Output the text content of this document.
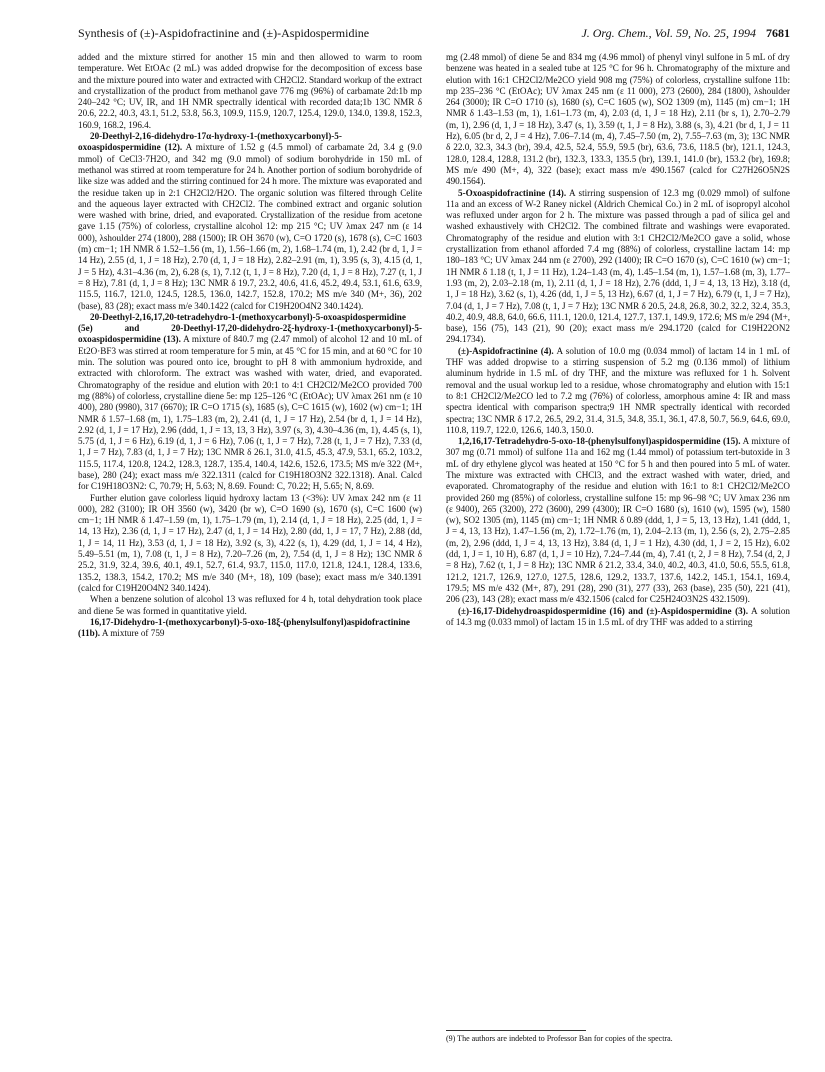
Synthesis of (±)-Aspidofractinine and (±)-Aspidospermidine	J. Org. Chem., Vol. 59, No. 25, 1994 7681

added and the mixture stirred for another 15 min and then allowed to warm to room temperature. Wet EtOAc (2 mL) was added dropwise for the decomposition of excess base and the mixture poured into water and extracted with CH2Cl2. Standard workup of the extract and crystallization of the product from methanol gave 776 mg (96%) of carbamate 2d:1b mp 240–242 °C; UV, IR, and 1H NMR spectrally identical with recorded data;1b 13C NMR δ 20.6, 22.2, 40.3, 43.1, 51.2, 53.8, 56.3, 109.9, 115.9, 120.7, 125.4, 129.0, 134.0, 139.8, 152.3, 160.9, 168.2, 196.4.

20-Deethyl-2,16-didehydro-17α-hydroxy-1-(methoxycarbonyl)-5-oxoaspidospermidine (12). A mixture of 1.52 g (4.5 mmol) of carbamate 2d, 3.4 g (9.0 mmol) of CeCl3·7H2O, and 342 mg (9.0 mmol) of sodium borohydride in 150 mL of methanol was stirred at room temperature for 24 h. Another portion of sodium borohydride of like size was added and the stirring continued for 24 h more. The mixture was evaporated and the residue taken up in 2:1 CH2Cl2/H2O. The organic solution was filtered through Celite and the aqueous layer extracted with CH2Cl2. The combined extract and organic solution were washed with brine, dried, and evaporated. Crystallization of the residue from acetone gave 1.15 (75%) of colorless, crystalline alcohol 12: mp 215 °C; UV λmax 247 nm (ε 14 000), λshoulder 274 (1800), 288 (1500); IR OH 3670 (w), C=O 1720 (s), 1678 (s), C=C 1603 (m) cm−1; 1H NMR δ 1.52–1.56 (m, 1), 1.56–1.66 (m, 2), 1.68–1.74 (m, 1), 2.42 (br d, 1, J = 14 Hz), 2.55 (d, 1, J = 18 Hz), 2.70 (d, 1, J = 18 Hz), 2.82–2.91 (m, 1), 3.95 (s, 3), 4.15 (d, 1, J = 5 Hz), 4.31–4.36 (m, 2), 6.28 (s, 1), 7.12 (t, 1, J = 8 Hz), 7.20 (d, 1, J = 8 Hz), 7.27 (t, 1, J = 8 Hz), 7.81 (d, 1, J = 8 Hz); 13C NMR δ 19.7, 23.2, 40.6, 41.6, 45.2, 49.4, 53.1, 61.6, 63.9, 115.5, 116.7, 121.0, 124.5, 128.5, 136.0, 142.7, 152.8, 170.2; MS m/e 340 (M+, 36), 202 (base), 83 (28); exact mass m/e 340.1422 (calcd for C19H20O4N2 340.1424).

20-Deethyl-2,16,17,20-tetradehydro-1-(methoxycarbonyl)-5-oxoaspidospermidine (5e) and 20-Deethyl-17,20-didehydro-2ξ-hydroxy-1-(methoxycarbonyl)-5-oxoaspidospermidine (13). A mixture of 840.7 mg (2.47 mmol) of alcohol 12 and 10 mL of Et2O·BF3 was stirred at room temperature for 5 min, at 45 °C for 15 min, and at 60 °C for 10 min. The solution was poured onto ice, brought to pH 8 with ammonium hydroxide, and extracted with chloroform. The extract was washed with water, dried, and evaporated. Chromatography of the residue and elution with 20:1 to 4:1 CH2Cl2/Me2CO provided 700 mg (88%) of colorless, crystalline diene 5e: mp 125–126 °C (EtOAc); UV λmax 261 nm (ε 10 400), 280 (9980), 317 (6670); IR C=O 1715 (s), 1685 (s), C=C 1615 (w), 1602 (w) cm−1; 1H NMR δ 1.57–1.68 (m, 1), 1.75–1.83 (m, 2), 2.41 (d, 1, J = 17 Hz), 2.54 (br d, 1, J = 14 Hz), 2.92 (d, 1, J = 17 Hz), 2.96 (ddd, 1, J = 13, 13, 3 Hz), 3.97 (s, 3), 4.30–4.36 (m, 1), 4.45 (s, 1), 5.75 (d, 1, J = 6 Hz), 6.19 (d, 1, J = 6 Hz), 7.06 (t, 1, J = 7 Hz), 7.28 (t, 1, J = 7 Hz), 7.33 (d, 1, J = 7 Hz), 7.83 (d, 1, J = 7 Hz); 13C NMR δ 26.1, 31.0, 41.5, 45.3, 47.9, 53.1, 65.2, 103.2, 115.5, 117.4, 120.8, 124.2, 128.3, 128.7, 135.4, 140.4, 142.6, 152.6, 173.5; MS m/e 322 (M+, base), 280 (24); exact mass m/e 322.1311 (calcd for C19H18O3N2 322.1318). Anal. Calcd for C19H18O3N2: C, 70.79; H, 5.63; N, 8.69. Found: C, 70.22; H, 5.65; N, 8.69.

Further elution gave colorless liquid hydroxy lactam 13 (<3%): UV λmax 242 nm (ε 11 000), 282 (3100); IR OH 3560 (w), 3420 (br w), C=O 1690 (s), 1670 (s), C=C 1600 (w) cm−1; 1H NMR δ 1.47–1.59 (m, 1), 1.75–1.79 (m, 1), 2.14 (d, 1, J = 18 Hz), 2.25 (dd, 1, J = 14, 13 Hz), 2.36 (d, 1, J = 17 Hz), 2.47 (d, 1, J = 14 Hz), 2.80 (dd, 1, J = 17, 7 Hz), 2.88 (dd, 1, J = 14, 11 Hz), 3.53 (d, 1, J = 18 Hz), 3.92 (s, 3), 4.22 (s, 1), 4.29 (dd, 1, J = 14, 4 Hz), 5.49–5.51 (m, 1), 7.08 (t, 1, J = 8 Hz), 7.20–7.26 (m, 2), 7.54 (d, 1, J = 8 Hz); 13C NMR δ 25.2, 31.9, 32.4, 39.6, 40.1, 49.1, 52.7, 61.4, 93.7, 115.0, 117.0, 121.8, 124.1, 128.4, 133.6, 135.2, 138.3, 154.2, 170.2; MS m/e 340 (M+, 18), 109 (base); exact mass m/e 340.1391 (calcd for C19H20O4N2 340.1424).

When a benzene solution of alcohol 13 was refluxed for 4 h, total dehydration took place and diene 5e was formed in quantitative yield.

16,17-Didehydro-1-(methoxycarbonyl)-5-oxo-18ξ-(phenylsulfonyl)aspidofractinine (11b). A mixture of 759

mg (2.48 mmol) of diene 5e and 834 mg (4.96 mmol) of phenyl vinyl sulfone in 5 mL of dry benzene was heated in a sealed tube at 125 °C for 96 h. Chromatography of the mixture and elution with 16:1 CH2Cl2/Me2CO yield 908 mg (75%) of colorless, crystalline sulfone 11b: mp 235–236 °C (EtOAc); UV λmax 245 nm (ε 11 000), 273 (2600), 284 (1800), λshoulder 264 (3000); IR C=O 1710 (s), 1680 (s), C=C 1605 (w), SO2 1309 (m), 1145 (m) cm−1; 1H NMR δ 1.43–1.53 (m, 1), 1.61–1.73 (m, 4), 2.03 (d, 1, J = 18 Hz), 2.11 (br s, 1), 2.70–2.79 (m, 1), 2.96 (d, 1, J = 18 Hz), 3.47 (s, 1), 3.59 (t, 1, J = 8 Hz), 3.88 (s, 3), 4.21 (br d, 1, J = 11 Hz), 6.05 (br d, 2, J = 4 Hz), 7.06–7.14 (m, 4), 7.45–7.50 (m, 2), 7.55–7.63 (m, 3); 13C NMR δ 22.0, 32.3, 34.3 (br), 39.4, 42.5, 52.4, 55.9, 59.5 (br), 63.6, 73.6, 118.5 (br), 121.1, 124.3, 128.0, 128.4, 128.8, 131.2 (br), 132.3, 133.3, 135.5 (br), 139.1, 141.0 (br), 153.2 (br), 169.8; MS m/e 490 (M+, 4), 322 (base); exact mass m/e 490.1567 (calcd for C27H26O5N2S 490.1564).

5-Oxoaspidofractinine (14). A stirring suspension of 12.3 mg (0.029 mmol) of sulfone 11a and an excess of W-2 Raney nickel (Aldrich Chemical Co.) in 2 mL of isopropyl alcohol was refluxed under argon for 2 h. The mixture was passed through a pad of silica gel and washed exhaustively with CH2Cl2. The combined filtrate and washings were evaporated. Chromatography of the residue and elution with 3:1 CH2Cl2/Me2CO gave a solid, whose crystallization from ethanol afforded 7.4 mg (88%) of colorless, crystalline lactam 14: mp 180–183 °C; UV λmax 244 nm (ε 2700), 292 (1400); IR C=O 1670 (s), C=C 1610 (w) cm−1; 1H NMR δ 1.18 (t, 1, J = 11 Hz), 1.24–1.43 (m, 4), 1.45–1.54 (m, 1), 1.57–1.68 (m, 3), 1.77–1.93 (m, 2), 2.03–2.18 (m, 1), 2.11 (d, 1, J = 18 Hz), 2.76 (ddd, 1, J = 4, 13, 13 Hz), 3.18 (d, 1, J = 18 Hz), 3.62 (s, 1), 4.26 (dd, 1, J = 5, 13 Hz), 6.67 (d, 1, J = 7 Hz), 6.79 (t, 1, J = 7 Hz), 7.04 (d, 1, J = 7 Hz), 7.08 (t, 1, J = 7 Hz); 13C NMR δ 20.5, 24.8, 26.8, 30.2, 32.2, 32.4, 35.3, 40.2, 40.9, 48.8, 64.0, 66.6, 111.1, 120.0, 121.4, 127.7, 137.1, 149.9, 172.6; MS m/e 294 (M+, base), 156 (75), 143 (21), 90 (20); exact mass m/e 294.1720 (calcd for C19H22ON2 294.1734).

(±)-Aspidofractinine (4). A solution of 10.0 mg (0.034 mmol) of lactam 14 in 1 mL of THF was added dropwise to a stirring suspension of 5.2 mg (0.136 mmol) of lithium aluminum hydride in 1.5 mL of dry THF, and the mixture was refluxed for 1 h. Solvent removal and the usual workup led to a residue, whose chromatography and elution with 15:1 to 8:1 CH2Cl2/Me2CO led to 7.2 mg (76%) of colorless, amorphous amine 4: IR and mass spectra identical with comparison spectra;9 1H NMR spectrally identical with recorded spectra; 13C NMR δ 17.2, 26.5, 29.2, 31.4, 31.5, 34.8, 35.1, 36.1, 47.8, 50.7, 56.9, 64.6, 69.0, 110.8, 119.7, 122.0, 126.6, 140.3, 150.0.

1,2,16,17-Tetradehydro-5-oxo-18-(phenylsulfonyl)aspidospermidine (15). A mixture of 307 mg (0.71 mmol) of sulfone 11a and 162 mg (1.44 mmol) of potassium tert-butoxide in 3 mL of dry ethylene glycol was heated at 150 °C for 5 h and then poured into 5 mL of water. The mixture was extracted with CHCl3, and the extract washed with water, dried, and evaporated. Chromatography of the residue and elution with 16:1 to 8:1 CH2Cl2/Me2CO provided 260 mg (85%) of colorless, crystalline sulfone 15: mp 96–98 °C; UV λmax 236 nm (ε 9400), 265 (3200), 272 (3600), 299 (4300); IR C=O 1680 (s), 1610 (w), 1595 (w), 1580 (w), SO2 1305 (m), 1145 (m) cm−1; 1H NMR δ 0.89 (ddd, 1, J = 5, 13, 13 Hz), 1.41 (ddd, 1, J = 4, 13, 13 Hz), 1.47–1.56 (m, 2), 1.72–1.76 (m, 1), 2.04–2.13 (m, 1), 2.56 (s, 2), 2.75–2.85 (m, 2), 2.96 (ddd, 1, J = 4, 13, 13 Hz), 3.84 (d, 1, J = 1 Hz), 4.30 (dd, 1, J = 2, 15 Hz), 6.02 (dd, 1, J = 1, 10 H), 6.87 (d, 1, J = 10 Hz), 7.24–7.44 (m, 4), 7.41 (t, 2, J = 8 Hz), 7.54 (d, 2, J = 8 Hz), 7.62 (t, 1, J = 8 Hz); 13C NMR δ 21.2, 33.4, 34.0, 40.2, 40.3, 41.0, 50.6, 55.5, 61.8, 121.2, 121.7, 126.9, 127.0, 127.5, 128.6, 129.2, 133.7, 137.6, 142.2, 145.1, 154.1, 169.4, 179.5; MS m/e 432 (M+, 87), 291 (28), 290 (31), 277 (33), 263 (base), 235 (50), 221 (41), 206 (23), 143 (28); exact mass m/e 432.1506 (calcd for C25H24O3N2S 432.1509).

(±)-16,17-Didehydroaspidospermidine (16) and (±)-Aspidospermidine (3). A solution of 14.3 mg (0.033 mmol) of lactam 15 in 1.5 mL of dry THF was added to a stirring

(9) The authors are indebted to Professor Ban for copies of the spectra.
